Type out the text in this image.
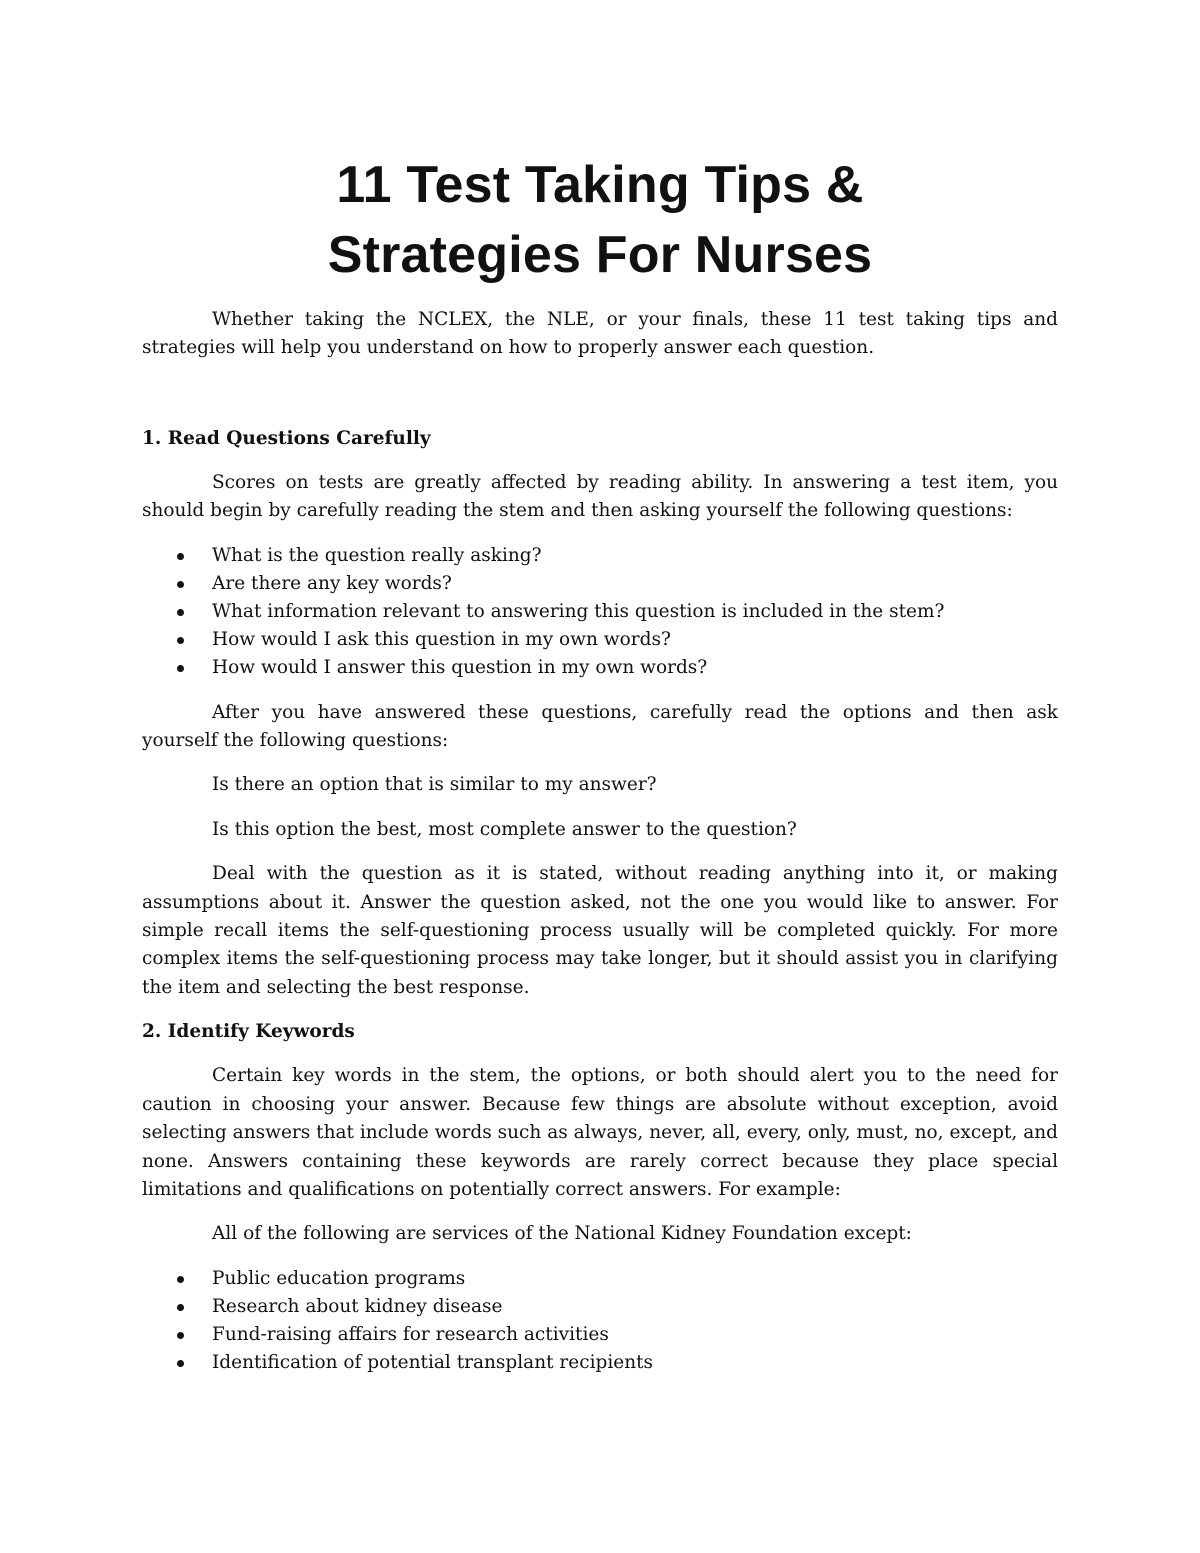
11 Test Taking Tips &
Strategies For Nurses

Whether taking the NCLEX, the NLE, or your finals, these 11 test taking tips and strategies will help you understand on how to properly answer each question.

1. Read Questions Carefully

Scores on tests are greatly affected by reading ability. In answering a test item, you should begin by carefully reading the stem and then asking yourself the following questions:

What is the question really asking?
Are there any key words?
What information relevant to answering this question is included in the stem?
How would I ask this question in my own words?
How would I answer this question in my own words?

After you have answered these questions, carefully read the options and then ask yourself the following questions:

Is there an option that is similar to my answer?

Is this option the best, most complete answer to the question?

Deal with the question as it is stated, without reading anything into it, or making assumptions about it. Answer the question asked, not the one you would like to answer. For simple recall items the self-questioning process usually will be completed quickly. For more complex items the self-questioning process may take longer, but it should assist you in clarifying the item and selecting the best response.

2. Identify Keywords

Certain key words in the stem, the options, or both should alert you to the need for caution in choosing your answer. Because few things are absolute without exception, avoid selecting answers that include words such as always, never, all, every, only, must, no, except, and none. Answers containing these keywords are rarely correct because they place special limitations and qualifications on potentially correct answers. For example:

All of the following are services of the National Kidney Foundation except:

Public education programs
Research about kidney disease
Fund-raising affairs for research activities
Identification of potential transplant recipients
